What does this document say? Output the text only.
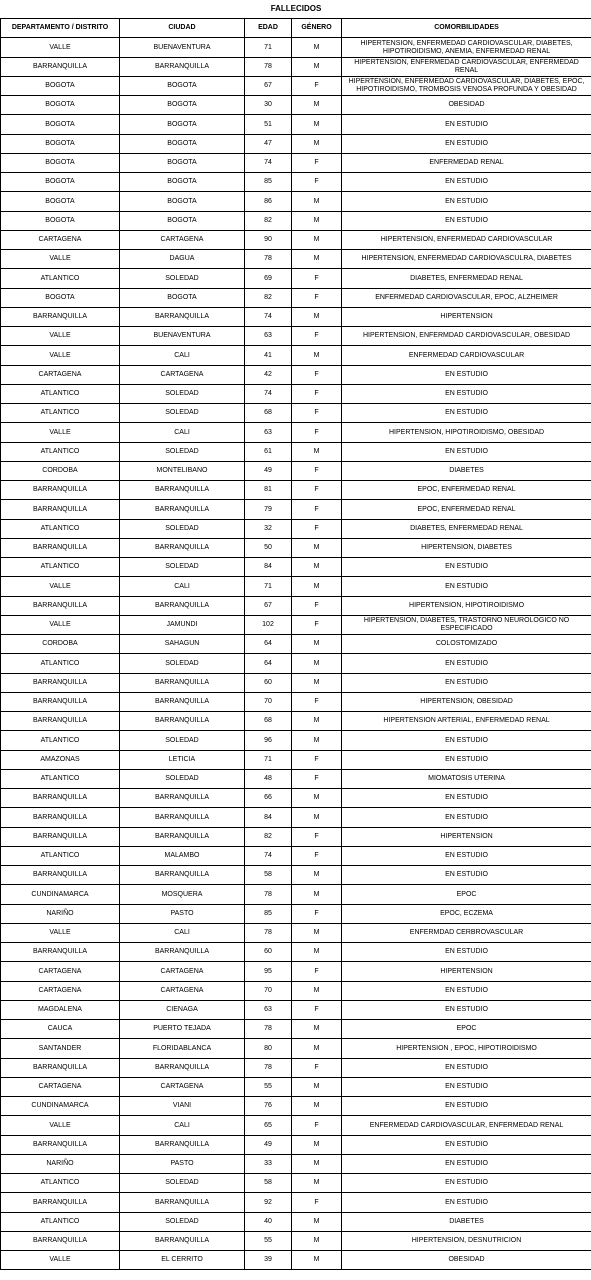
FALLECIDOS				
DEPARTAMENTO / DISTRITO	CIUDAD	EDAD	GÉNERO	COMORBILIDADES
VALLE	BUENAVENTURA	71	M	HIPERTENSION, ENFERMEDAD CARDIOVASCULAR, DIABETES, HIPOTIROIDISMO, ANEMIA, ENFERMEDAD RENAL
BARRANQUILLA	BARRANQUILLA	78	M	HIPERTENSION, ENFERMEDAD CARDIOVASCULAR, ENFERMEDAD RENAL
BOGOTA	BOGOTA	67	F	HIPERTENSION, ENFERMEDAD CARDIOVASCULAR, DIABETES, EPOC, HIPOTIROIDISMO, TROMBOSIS VENOSA PROFUNDA Y OBESIDAD
BOGOTA	BOGOTA	30	M	OBESIDAD
BOGOTA	BOGOTA	51	M	EN ESTUDIO
BOGOTA	BOGOTA	47	M	EN ESTUDIO
BOGOTA	BOGOTA	74	F	ENFERMEDAD RENAL
BOGOTA	BOGOTA	85	F	EN ESTUDIO
BOGOTA	BOGOTA	86	M	EN ESTUDIO
BOGOTA	BOGOTA	82	M	EN ESTUDIO
CARTAGENA	CARTAGENA	90	M	HIPERTENSION, ENFERMEDAD CARDIOVASCULAR
VALLE	DAGUA	78	M	HIPERTENSION, ENFERMEDAD CARDIOVASCULRA, DIABETES
ATLANTICO	SOLEDAD	69	F	DIABETES, ENFERMEDAD RENAL
BOGOTA	BOGOTA	82	F	ENFERMEDAD CARDIOVASCULAR, EPOC, ALZHEIMER
BARRANQUILLA	BARRANQUILLA	74	M	HIPERTENSION
VALLE	BUENAVENTURA	63	F	HIPERTENSION, ENFERMDAD CARDIOVASCULAR, OBESIDAD
VALLE	CALI	41	M	ENFERMEDAD CARDIOVASCULAR
CARTAGENA	CARTAGENA	42	F	EN ESTUDIO
ATLANTICO	SOLEDAD	74	F	EN ESTUDIO
ATLANTICO	SOLEDAD	68	F	EN ESTUDIO
VALLE	CALI	63	F	HIPERTENSION, HIPOTIROIDISMO, OBESIDAD
ATLANTICO	SOLEDAD	61	M	EN ESTUDIO
CORDOBA	MONTELIBANO	49	F	DIABETES
BARRANQUILLA	BARRANQUILLA	81	F	EPOC, ENFERMEDAD RENAL
BARRANQUILLA	BARRANQUILLA	79	F	EPOC, ENFERMEDAD RENAL
ATLANTICO	SOLEDAD	32	F	DIABETES, ENFERMEDAD RENAL
BARRANQUILLA	BARRANQUILLA	50	M	HIPERTENSION, DIABETES
ATLANTICO	SOLEDAD	84	M	EN ESTUDIO
VALLE	CALI	71	M	EN ESTUDIO
BARRANQUILLA	BARRANQUILLA	67	F	HIPERTENSION, HIPOTIROIDISMO
VALLE	JAMUNDI	102	F	HIPERTENSION, DIABETES, TRASTORNO NEUROLOGICO NO ESPECIFICADO
CORDOBA	SAHAGUN	64	M	COLOSTOMIZADO
ATLANTICO	SOLEDAD	64	M	EN ESTUDIO
BARRANQUILLA	BARRANQUILLA	60	M	EN ESTUDIO
BARRANQUILLA	BARRANQUILLA	70	F	HIPERTENSION, OBESIDAD
BARRANQUILLA	BARRANQUILLA	68	M	HIPERTENSION ARTERIAL, ENFERMEDAD RENAL
ATLANTICO	SOLEDAD	96	M	EN ESTUDIO
AMAZONAS	LETICIA	71	F	EN ESTUDIO
ATLANTICO	SOLEDAD	48	F	MIOMATOSIS UTERINA
BARRANQUILLA	BARRANQUILLA	66	M	EN ESTUDIO
BARRANQUILLA	BARRANQUILLA	84	M	EN ESTUDIO
BARRANQUILLA	BARRANQUILLA	82	F	HIPERTENSION
ATLANTICO	MALAMBO	74	F	EN ESTUDIO
BARRANQUILLA	BARRANQUILLA	58	M	EN ESTUDIO
CUNDINAMARCA	MOSQUERA	78	M	EPOC
NARIÑO	PASTO	85	F	EPOC, ECZEMA
VALLE	CALI	78	M	ENFERMDAD CERBROVASCULAR
BARRANQUILLA	BARRANQUILLA	60	M	EN ESTUDIO
CARTAGENA	CARTAGENA	95	F	HIPERTENSION
CARTAGENA	CARTAGENA	70	M	EN ESTUDIO
MAGDALENA	CIENAGA	63	F	EN ESTUDIO
CAUCA	PUERTO TEJADA	78	M	EPOC
SANTANDER	FLORIDABLANCA	80	M	HIPERTENSION , EPOC, HIPOTIROIDISMO
BARRANQUILLA	BARRANQUILLA	78	F	EN ESTUDIO
CARTAGENA	CARTAGENA	55	M	EN ESTUDIO
CUNDINAMARCA	VIANI	76	M	EN ESTUDIO
VALLE	CALI	65	F	ENFERMEDAD CARDIOVASCULAR, ENFERMEDAD RENAL
BARRANQUILLA	BARRANQUILLA	49	M	EN ESTUDIO
NARIÑO	PASTO	33	M	EN ESTUDIO
ATLANTICO	SOLEDAD	58	M	EN ESTUDIO
BARRANQUILLA	BARRANQUILLA	92	F	EN ESTUDIO
ATLANTICO	SOLEDAD	40	M	DIABETES
BARRANQUILLA	BARRANQUILLA	55	M	HIPERTENSION, DESNUTRICION
VALLE	EL CERRITO	39	M	OBESIDAD
